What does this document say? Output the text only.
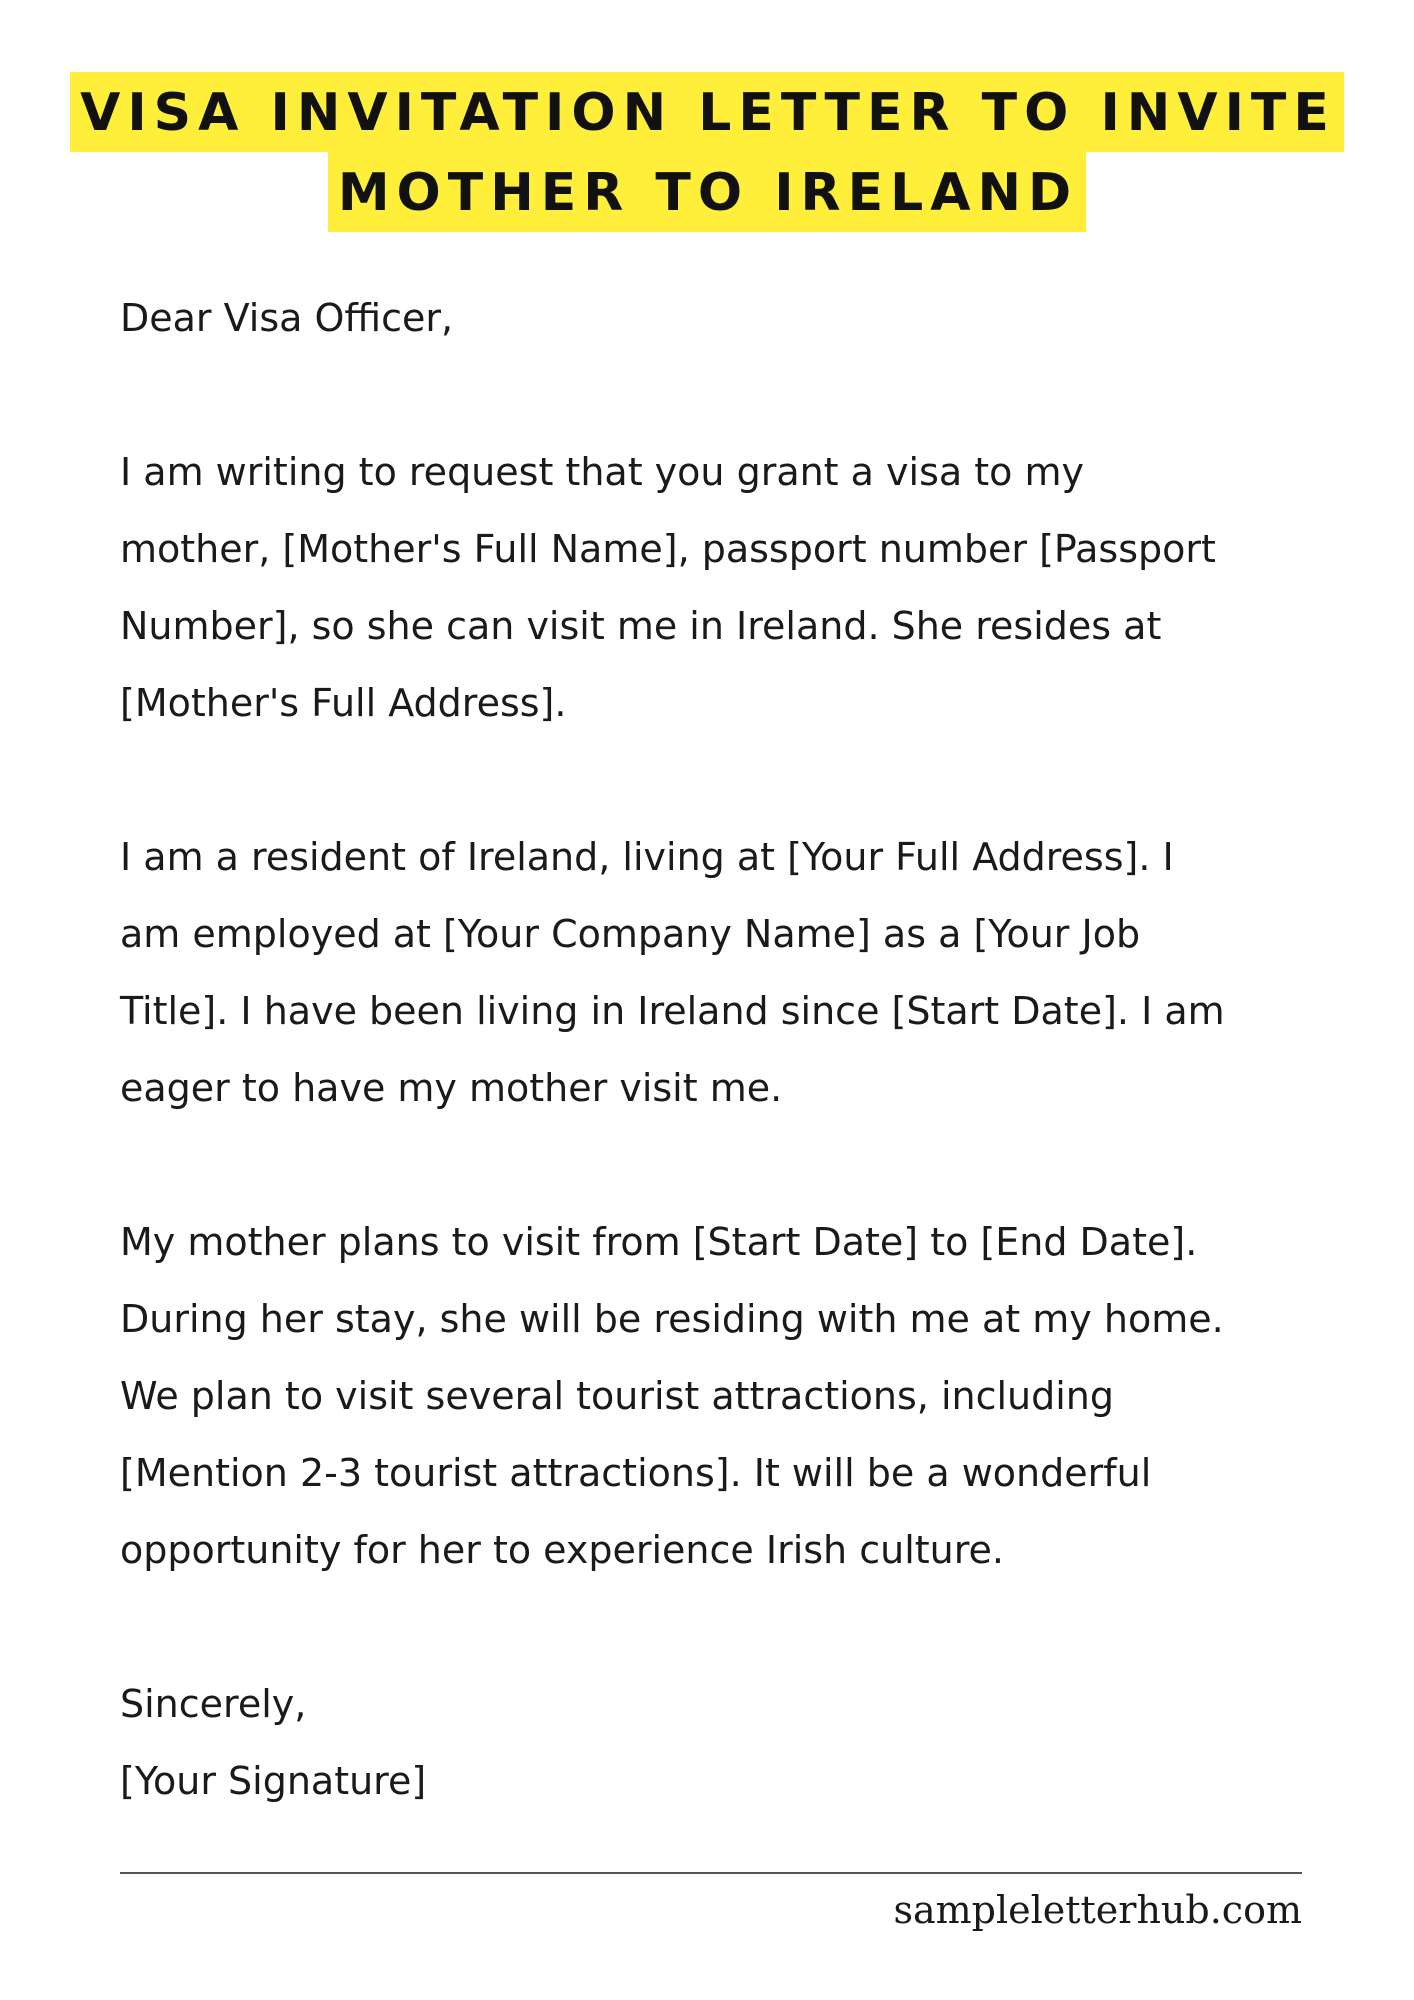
VISA INVITATION LETTER TO INVITE
MOTHER TO IRELAND
Dear Visa Officer,
I am writing to request that you grant a visa to my
mother, [Mother's Full Name], passport number [Passport
Number], so she can visit me in Ireland. She resides at
[Mother's Full Address].
I am a resident of Ireland, living at [Your Full Address]. I
am employed at [Your Company Name] as a [Your Job
Title]. I have been living in Ireland since [Start Date]. I am
eager to have my mother visit me.
My mother plans to visit from [Start Date] to [End Date].
During her stay, she will be residing with me at my home.
We plan to visit several tourist attractions, including
[Mention 2-3 tourist attractions]. It will be a wonderful
opportunity for her to experience Irish culture.
Sincerely,
[Your Signature]
sampleletterhub.com
